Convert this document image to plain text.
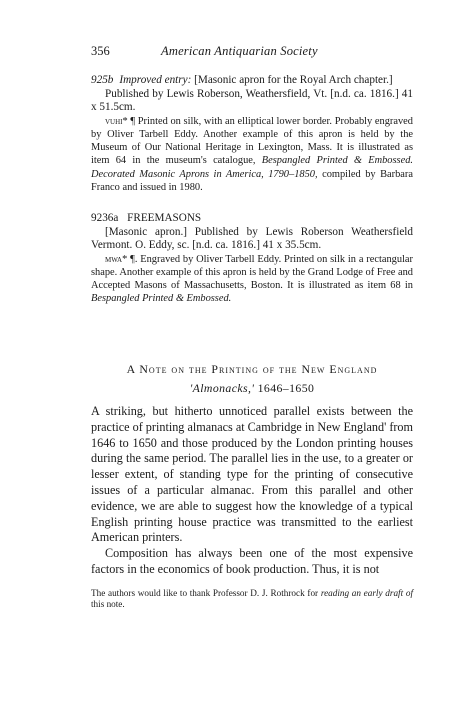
356	American Antiquarian Society

925b Improved entry: [Masonic apron for the Royal Arch chapter.]

Published by Lewis Roberson, Weathersfield, Vt. [n.d. ca. 1816.] 41 x 51.5cm.

vuhi* ¶ Printed on silk, with an elliptical lower border. Probably engraved by Oliver Tarbell Eddy. Another example of this apron is held by the Museum of Our National Heritage in Lexington, Mass. It is illustrated as item 64 in the museum's catalogue, Bespangled Printed & Embossed. Decorated Masonic Aprons in America, 1790–1850, compiled by Barbara Franco and issued in 1980.

9236a FREEMASONS

[Masonic apron.] Published by Lewis Roberson Weathersfield Vermont. O. Eddy, sc. [n.d. ca. 1816.] 41 x 35.5cm.

mwa* ¶. Engraved by Oliver Tarbell Eddy. Printed on silk in a rectangular shape. Another example of this apron is held by the Grand Lodge of Free and Accepted Masons of Massachusetts, Boston. It is illustrated as item 68 in Bespangled Printed & Embossed.

A Note on the Printing of the New England
'Almonacks,' 1646–1650

A striking, but hitherto unnoticed parallel exists between the practice of printing almanacs at Cambridge in New England' from 1646 to 1650 and those produced by the London printing houses during the same period. The parallel lies in the use, to a greater or lesser extent, of standing type for the printing of consecutive issues of a particular almanac. From this parallel and other evidence, we are able to suggest how the knowledge of a typical English printing house practice was transmitted to the earliest American printers.

Composition has always been one of the most expensive factors in the economics of book production. Thus, it is not

The authors would like to thank Professor D. J. Rothrock for reading an early draft of this note.
